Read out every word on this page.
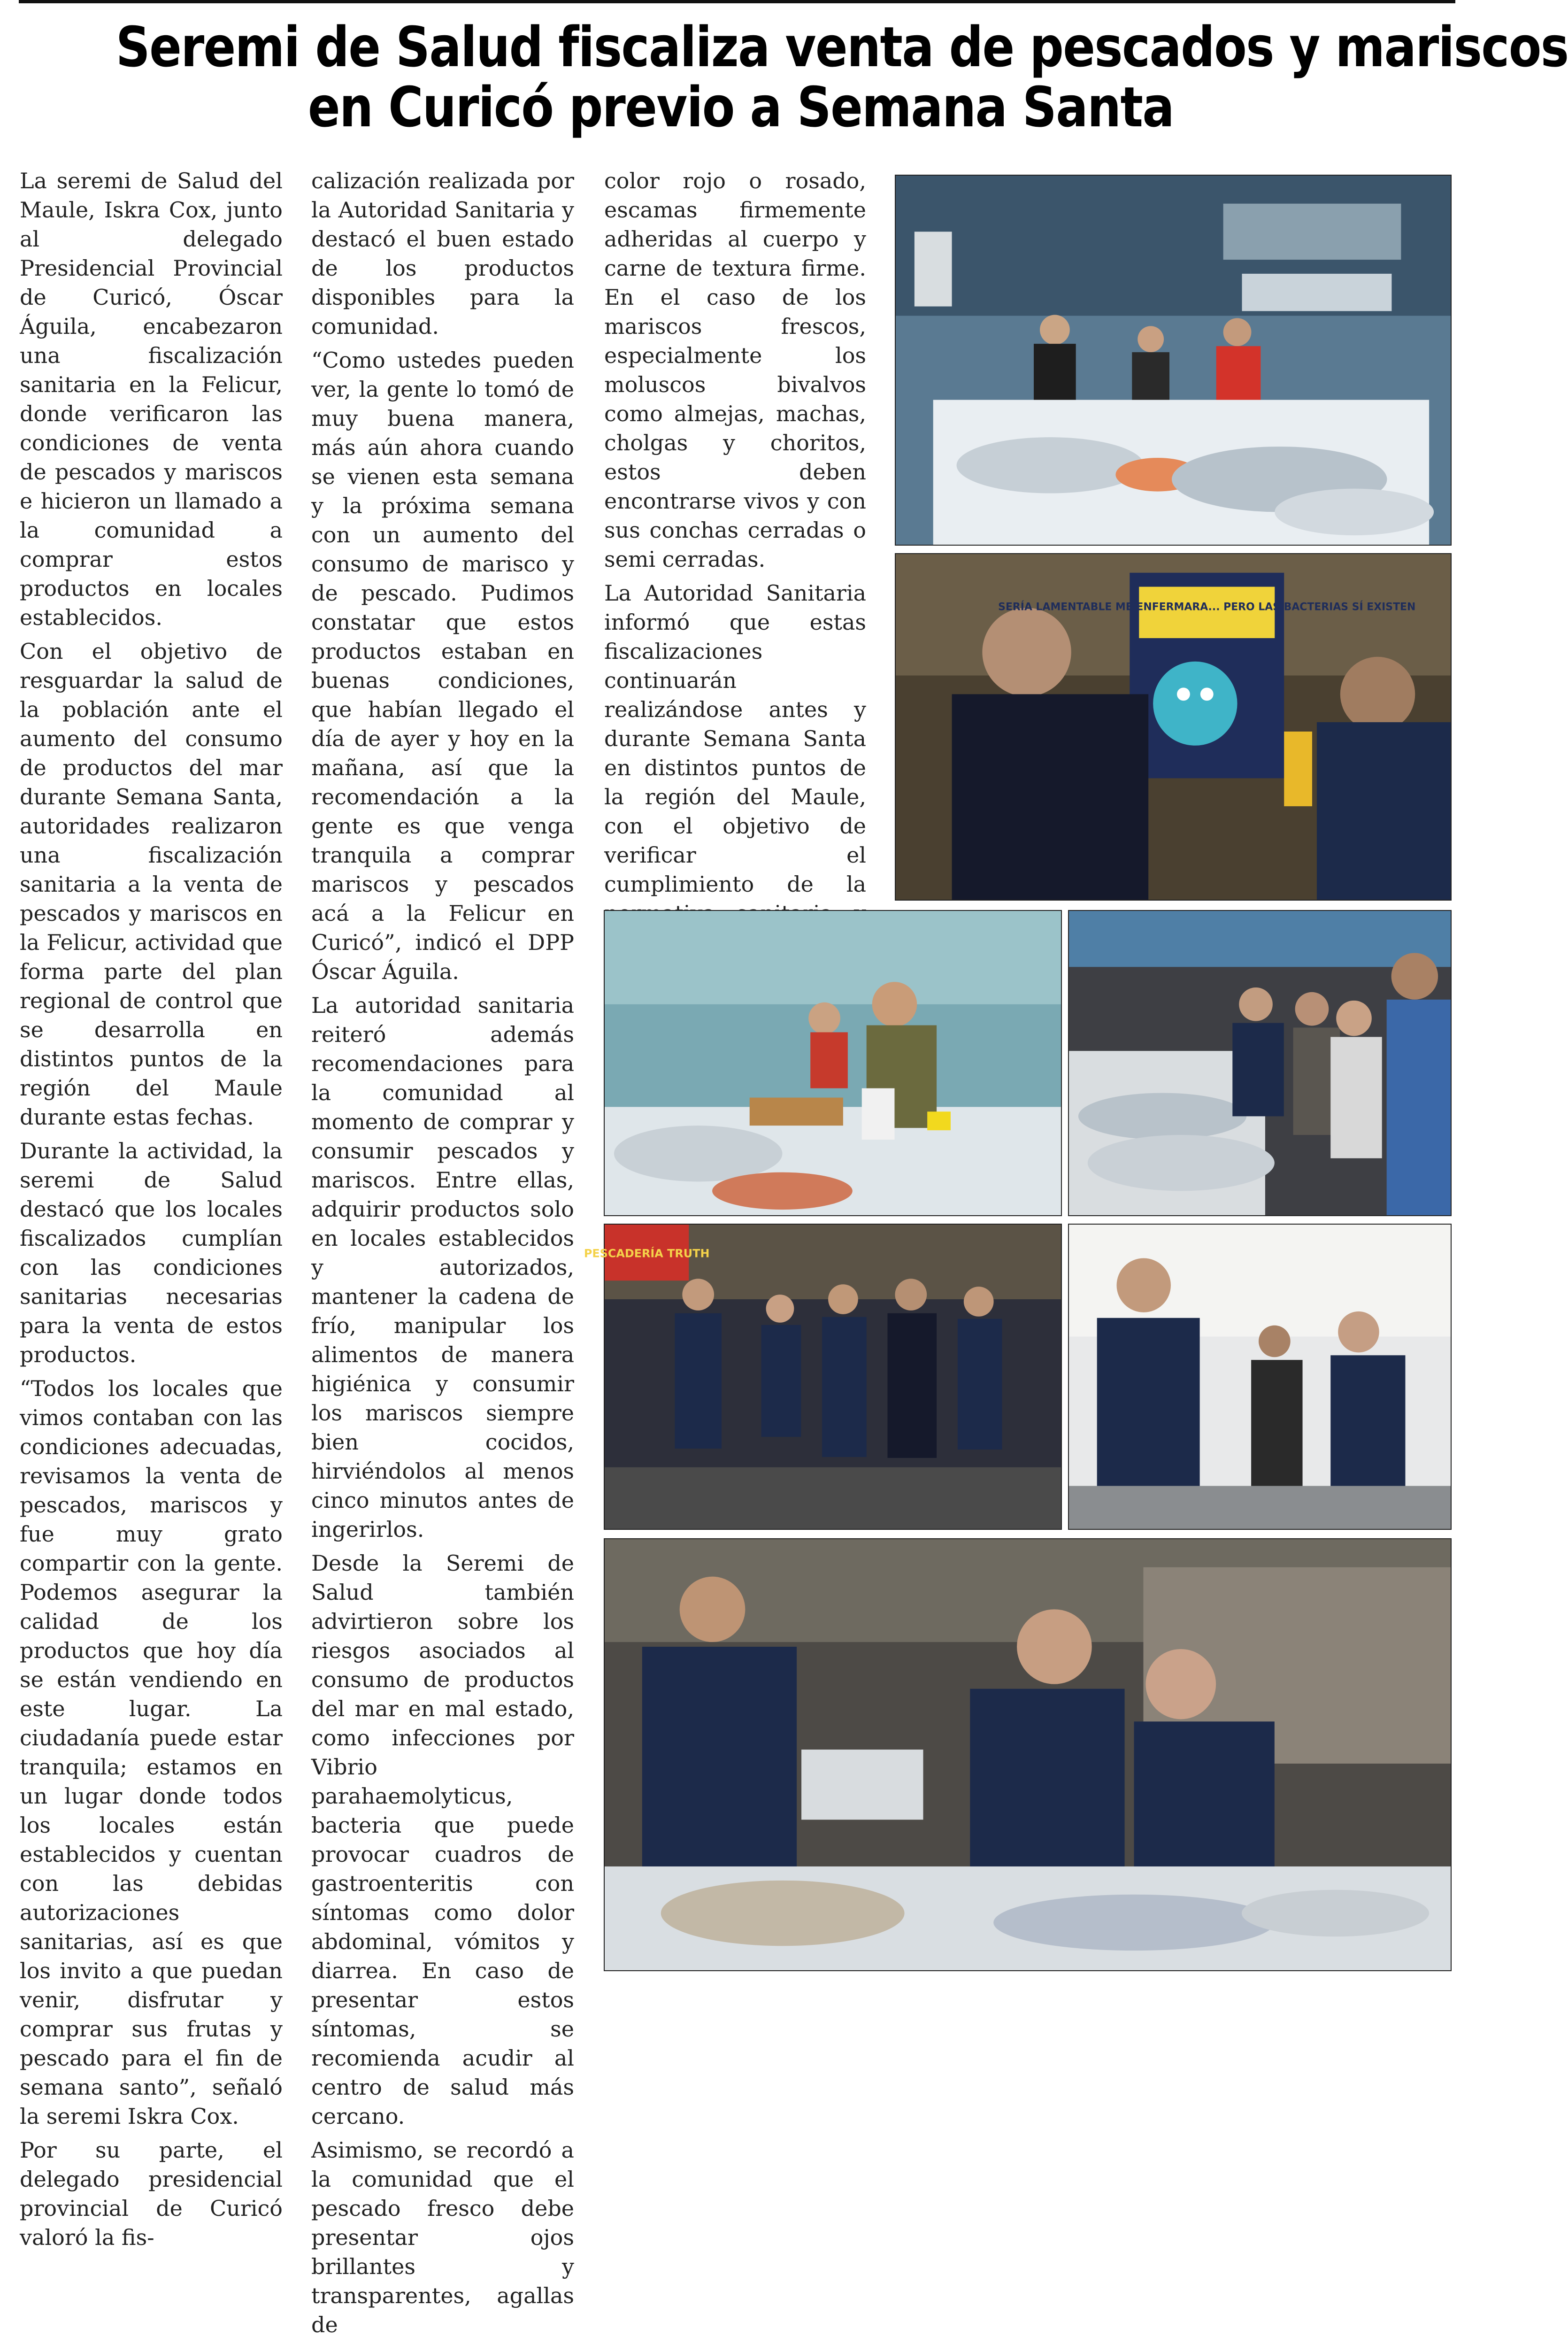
Seremi de Salud fiscaliza venta de pescados y mariscos
en Curicó previo a Semana Santa

La seremi de Salud del Maule, Iskra Cox, junto al delegado Presidencial Provincial de Curicó, Óscar Águila, encabezaron una fiscalización sanitaria en la Felicur, donde verificaron las condiciones de venta de pescados y mariscos e hicieron un llamado a la comunidad a comprar estos productos en locales establecidos.

Con el objetivo de resguardar la salud de la población ante el aumento del consumo de productos del mar durante Semana Santa, autoridades realizaron una fiscalización sanitaria a la venta de pescados y mariscos en la Felicur, actividad que forma parte del plan regional de control que se desarrolla en distintos puntos de la región del Maule durante estas fechas.

Durante la actividad, la seremi de Salud destacó que los locales fiscalizados cumplían con las condiciones sanitarias necesarias para la venta de estos productos.

“Todos los locales que vimos contaban con las condiciones adecuadas, revisamos la venta de pescados, mariscos y fue muy grato compartir con la gente. Podemos asegurar la calidad de los productos que hoy día se están vendiendo en este lugar. La ciudadanía puede estar tranquila; estamos en un lugar donde todos los locales están establecidos y cuentan con las debidas autorizaciones sanitarias, así es que los invito a que puedan venir, disfrutar y comprar sus frutas y pescado para el fin de semana santo”, señaló la seremi Iskra Cox.

Por su parte, el delegado presidencial provincial de Curicó valoró la fis-

calización realizada por la Autoridad Sanitaria y destacó el buen estado de los productos disponibles para la comunidad.

“Como ustedes pueden ver, la gente lo tomó de muy buena manera, más aún ahora cuando se vienen esta semana y la próxima semana con un aumento del consumo de marisco y de pescado. Pudimos constatar que estos productos estaban en buenas condiciones, que habían llegado el día de ayer y hoy en la mañana, así que la recomendación a la gente es que venga tranquila a comprar mariscos y pescados acá a la Felicur en Curicó”, indicó el DPP Óscar Águila.

La autoridad sanitaria reiteró además recomendaciones para la comunidad al momento de comprar y consumir pescados y mariscos. Entre ellas, adquirir productos solo en locales establecidos y autorizados, mantener la cadena de frío, manipular los alimentos de manera higiénica y consumir los mariscos siempre bien cocidos, hirviéndolos al menos cinco minutos antes de ingerirlos.

Desde la Seremi de Salud también advirtieron sobre los riesgos asociados al consumo de productos del mar en mal estado, como infecciones por Vibrio parahaemolyticus, bacteria que puede provocar cuadros de gastroenteritis con síntomas como dolor abdominal, vómitos y diarrea. En caso de presentar estos síntomas, se recomienda acudir al centro de salud más cercano.

Asimismo, se recordó a la comunidad que el pescado fresco debe presentar ojos brillantes y transparentes, agallas de

color rojo o rosado, escamas firmemente adheridas al cuerpo y carne de textura firme. En el caso de los mariscos frescos, especialmente los moluscos bivalvos como almejas, machas, cholgas y choritos, estos deben encontrarse vivos y con sus conchas cerradas o semi cerradas.

La Autoridad Sanitaria informó que estas fiscalizaciones continuarán realizándose antes y durante Semana Santa en distintos puntos de la región del Maule, con el objetivo de verificar el cumplimiento de la

SERÍA LAMENTABLE ME ENFERMARA... PERO LAS BACTERIAS SÍ EXISTEN
PESCADERÍA TRUTH
